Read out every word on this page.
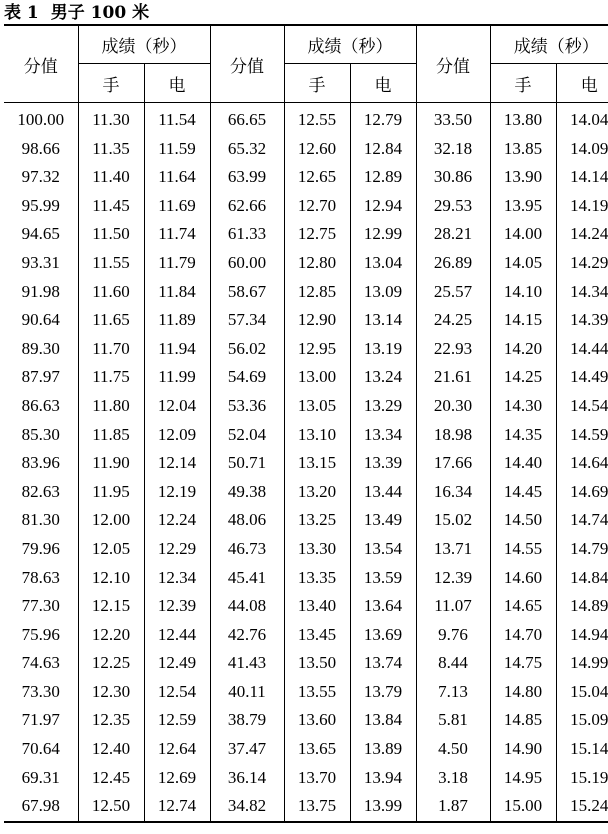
表 1 男子 100 米
分值	成绩（秒）		分值	成绩（秒）		分值	成绩（秒）	
	手	电		手	电		手	电
100.00	11.30	11.54	66.65	12.55	12.79	33.50	13.80	14.04
98.66	11.35	11.59	65.32	12.60	12.84	32.18	13.85	14.09
97.32	11.40	11.64	63.99	12.65	12.89	30.86	13.90	14.14
95.99	11.45	11.69	62.66	12.70	12.94	29.53	13.95	14.19
94.65	11.50	11.74	61.33	12.75	12.99	28.21	14.00	14.24
93.31	11.55	11.79	60.00	12.80	13.04	26.89	14.05	14.29
91.98	11.60	11.84	58.67	12.85	13.09	25.57	14.10	14.34
90.64	11.65	11.89	57.34	12.90	13.14	24.25	14.15	14.39
89.30	11.70	11.94	56.02	12.95	13.19	22.93	14.20	14.44
87.97	11.75	11.99	54.69	13.00	13.24	21.61	14.25	14.49
86.63	11.80	12.04	53.36	13.05	13.29	20.30	14.30	14.54
85.30	11.85	12.09	52.04	13.10	13.34	18.98	14.35	14.59
83.96	11.90	12.14	50.71	13.15	13.39	17.66	14.40	14.64
82.63	11.95	12.19	49.38	13.20	13.44	16.34	14.45	14.69
81.30	12.00	12.24	48.06	13.25	13.49	15.02	14.50	14.74
79.96	12.05	12.29	46.73	13.30	13.54	13.71	14.55	14.79
78.63	12.10	12.34	45.41	13.35	13.59	12.39	14.60	14.84
77.30	12.15	12.39	44.08	13.40	13.64	11.07	14.65	14.89
75.96	12.20	12.44	42.76	13.45	13.69	9.76	14.70	14.94
74.63	12.25	12.49	41.43	13.50	13.74	8.44	14.75	14.99
73.30	12.30	12.54	40.11	13.55	13.79	7.13	14.80	15.04
71.97	12.35	12.59	38.79	13.60	13.84	5.81	14.85	15.09
70.64	12.40	12.64	37.47	13.65	13.89	4.50	14.90	15.14
69.31	12.45	12.69	36.14	13.70	13.94	3.18	14.95	15.19
67.98	12.50	12.74	34.82	13.75	13.99	1.87	15.00	15.24
